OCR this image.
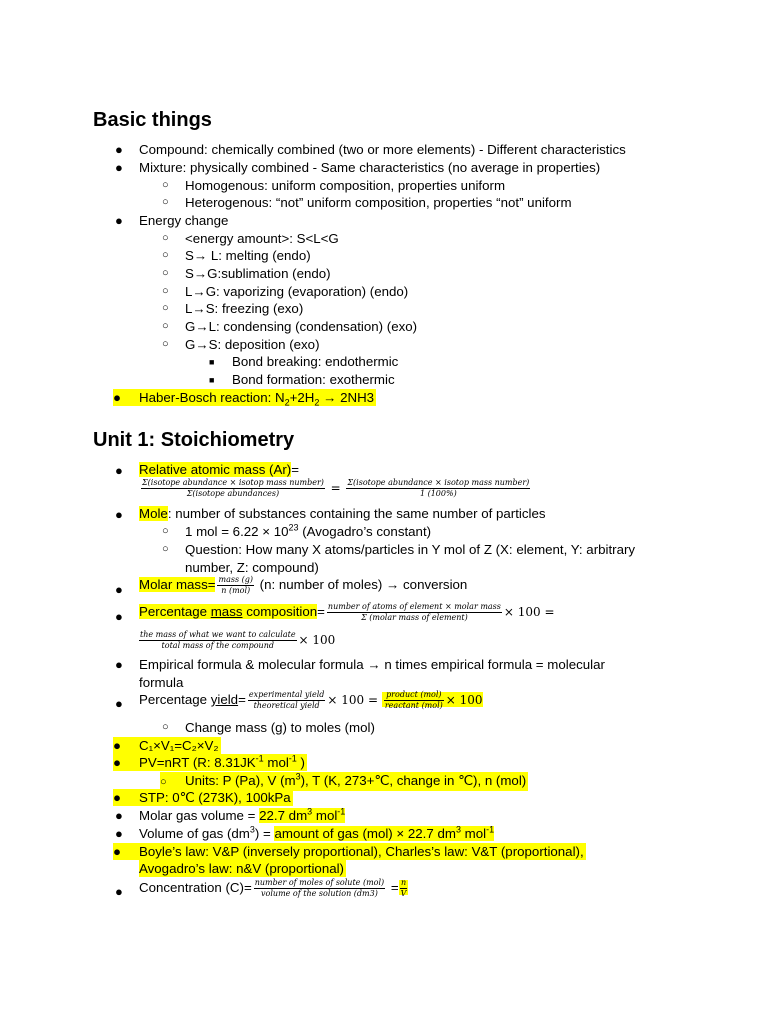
Basic things
● Compound: chemically combined (two or more elements) - Different characteristics
● Mixture: physically combined - Same characteristics (no average in properties)
○ Homogenous: uniform composition, properties uniform
○ Heterogenous: “not” uniform composition, properties “not” uniform
● Energy change
○ <energy amount>: S<L<G
○ S→ L: melting (endo)
○ S→G:sublimation (endo)
○ L→G: vaporizing (evaporation) (endo)
○ L→S: freezing (exo)
○ G→L: condensing (condensation) (exo)
○ G→S: deposition (exo)
■ Bond breaking: endothermic
■ Bond formation: exothermic
● Haber-Bosch reaction: $N_2+2H_2 \to 2NH3$
Unit 1: Stoichiometry
● Relative atomic mass (Ar)=
$\frac{\text{Σ(isotope abundance × isotop mass number)}}{\text{Σ(isotope abundances)}} = \frac{\text{Σ(isotope abundance × isotop mass number)}}{1 (100\%)}$
● Mole: number of substances containing the same number of particles
○ 1 mol = $6.22 \times 10^{23}$ (Avogadro’s constant)
○ Question: How many X atoms/particles in Y mol of Z (X: element, Y: arbitrary
number, Z: compound)
● Molar mass= $\frac{\text{mass (g)}}{\text{n (mol)}} (n$: number of moles) → conversion
● Percentage mass composition= $\frac{\text{number of atoms of element × molar mass}}{\text{Σ (molar mass of element)}} \times 100$ =
$\frac{\text{the mass of what we want to calculate}}{\text{total mass of the compound}} \times 100$
● Empirical formula & molecular formula → n times empirical formula = molecular
formula
● Percentage yield= $\frac{\text{experimental yield}}{\text{theoretical yield}} \times 100 = \frac{\text{product (mol)}}{\text{reactant (mol)}} \times 100$
○ Change mass (g) to moles (mol)
● C₁×V₁=C₂×V₂
● PV=nRT (R: $8.31JK^{-1}$ mol$^{-1}$ )
○ Units: P (Pa), V $(m^3)$, T (K, 273+℃, change in ℃), n (mol)
● STP: 0℃ (273K), 100kPa
● Molar gas volume = 22.7 $dm^3$ mol$^{-1}$
● Volume of gas $(dm^3)$ = amount of gas (mol) × 22.7 $dm^3$ mol$^{-1}$
● Boyle’s law: V&P (inversely proportional), Charles’s law: V&T (proportional),
Avogadro’s law: n&V (proportional)
● Concentration $(C)= \frac{\text{number of moles of solute (mol)}}{\text{volume of the solution (dm3)}} = \frac{n}{V}$
